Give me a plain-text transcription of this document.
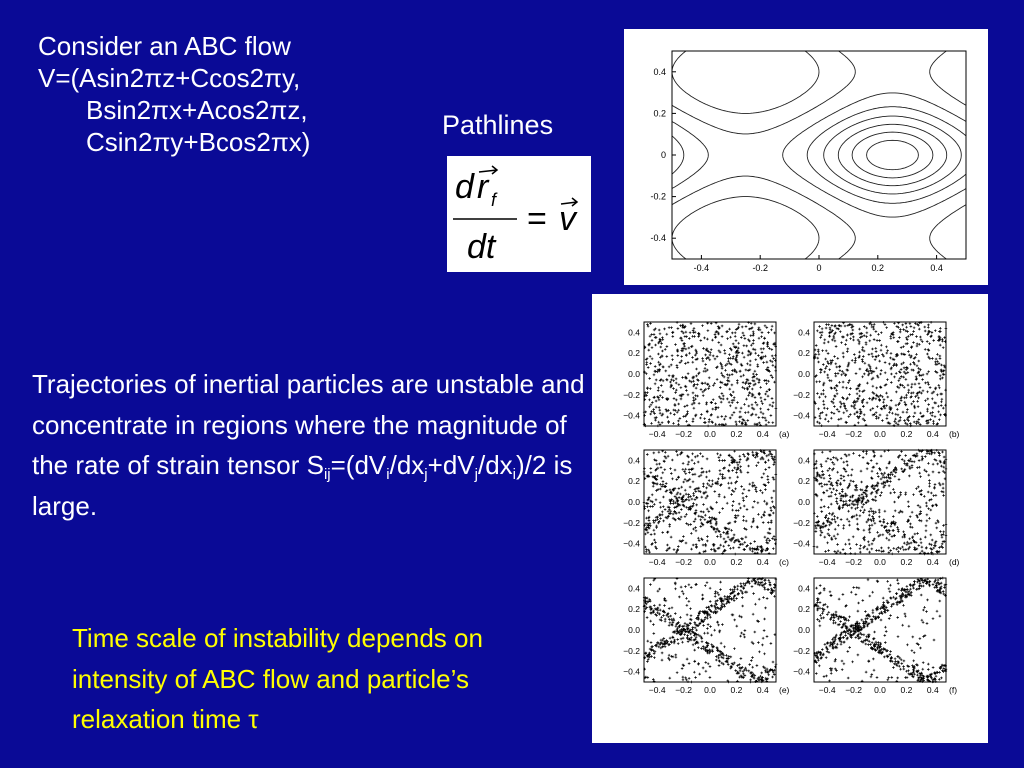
Consider an ABC flow
V=(Asin2πz+Ccos2πy,
Bsin2πx+Acos2πz,
Csin2πy+Bcos2πx)
Pathlines
d r f
dt
= v
-0.4	-0.2	0	0.2	0.4
0.4
0.2
0
-0.2
-0.4
−0.4 −0.2 0.0 0.2 0.4
0.4
0.2
0.0
−0.2
−0.4
(a)	−0.4 −0.2 0.0 0.2 0.4
0.4
0.2
0.0
−0.2
−0.4
(b)
−0.4 −0.2 0.0 0.2 0.4
0.4
0.2
0.0
−0.2
−0.4
(c)	−0.4 −0.2 0.0 0.2 0.4
0.4
0.2
0.0
−0.2
−0.4
(d)
−0.4 −0.2 0.0 0.2 0.4
0.4
0.2
0.0
−0.2
−0.4
(e)	−0.4 −0.2 0.0 0.2 0.4
0.4
0.2
0.0
−0.2
−0.4
(f)
Trajectories of inertial particles are unstable and concentrate in regions where the magnitude of the rate of strain tensor $S_{ij}=(dV_i/dx_j+dV_j/dx_i)/2$ is large.
Time scale of instability depends on intensity of ABC flow and particle’s relaxation time τ
